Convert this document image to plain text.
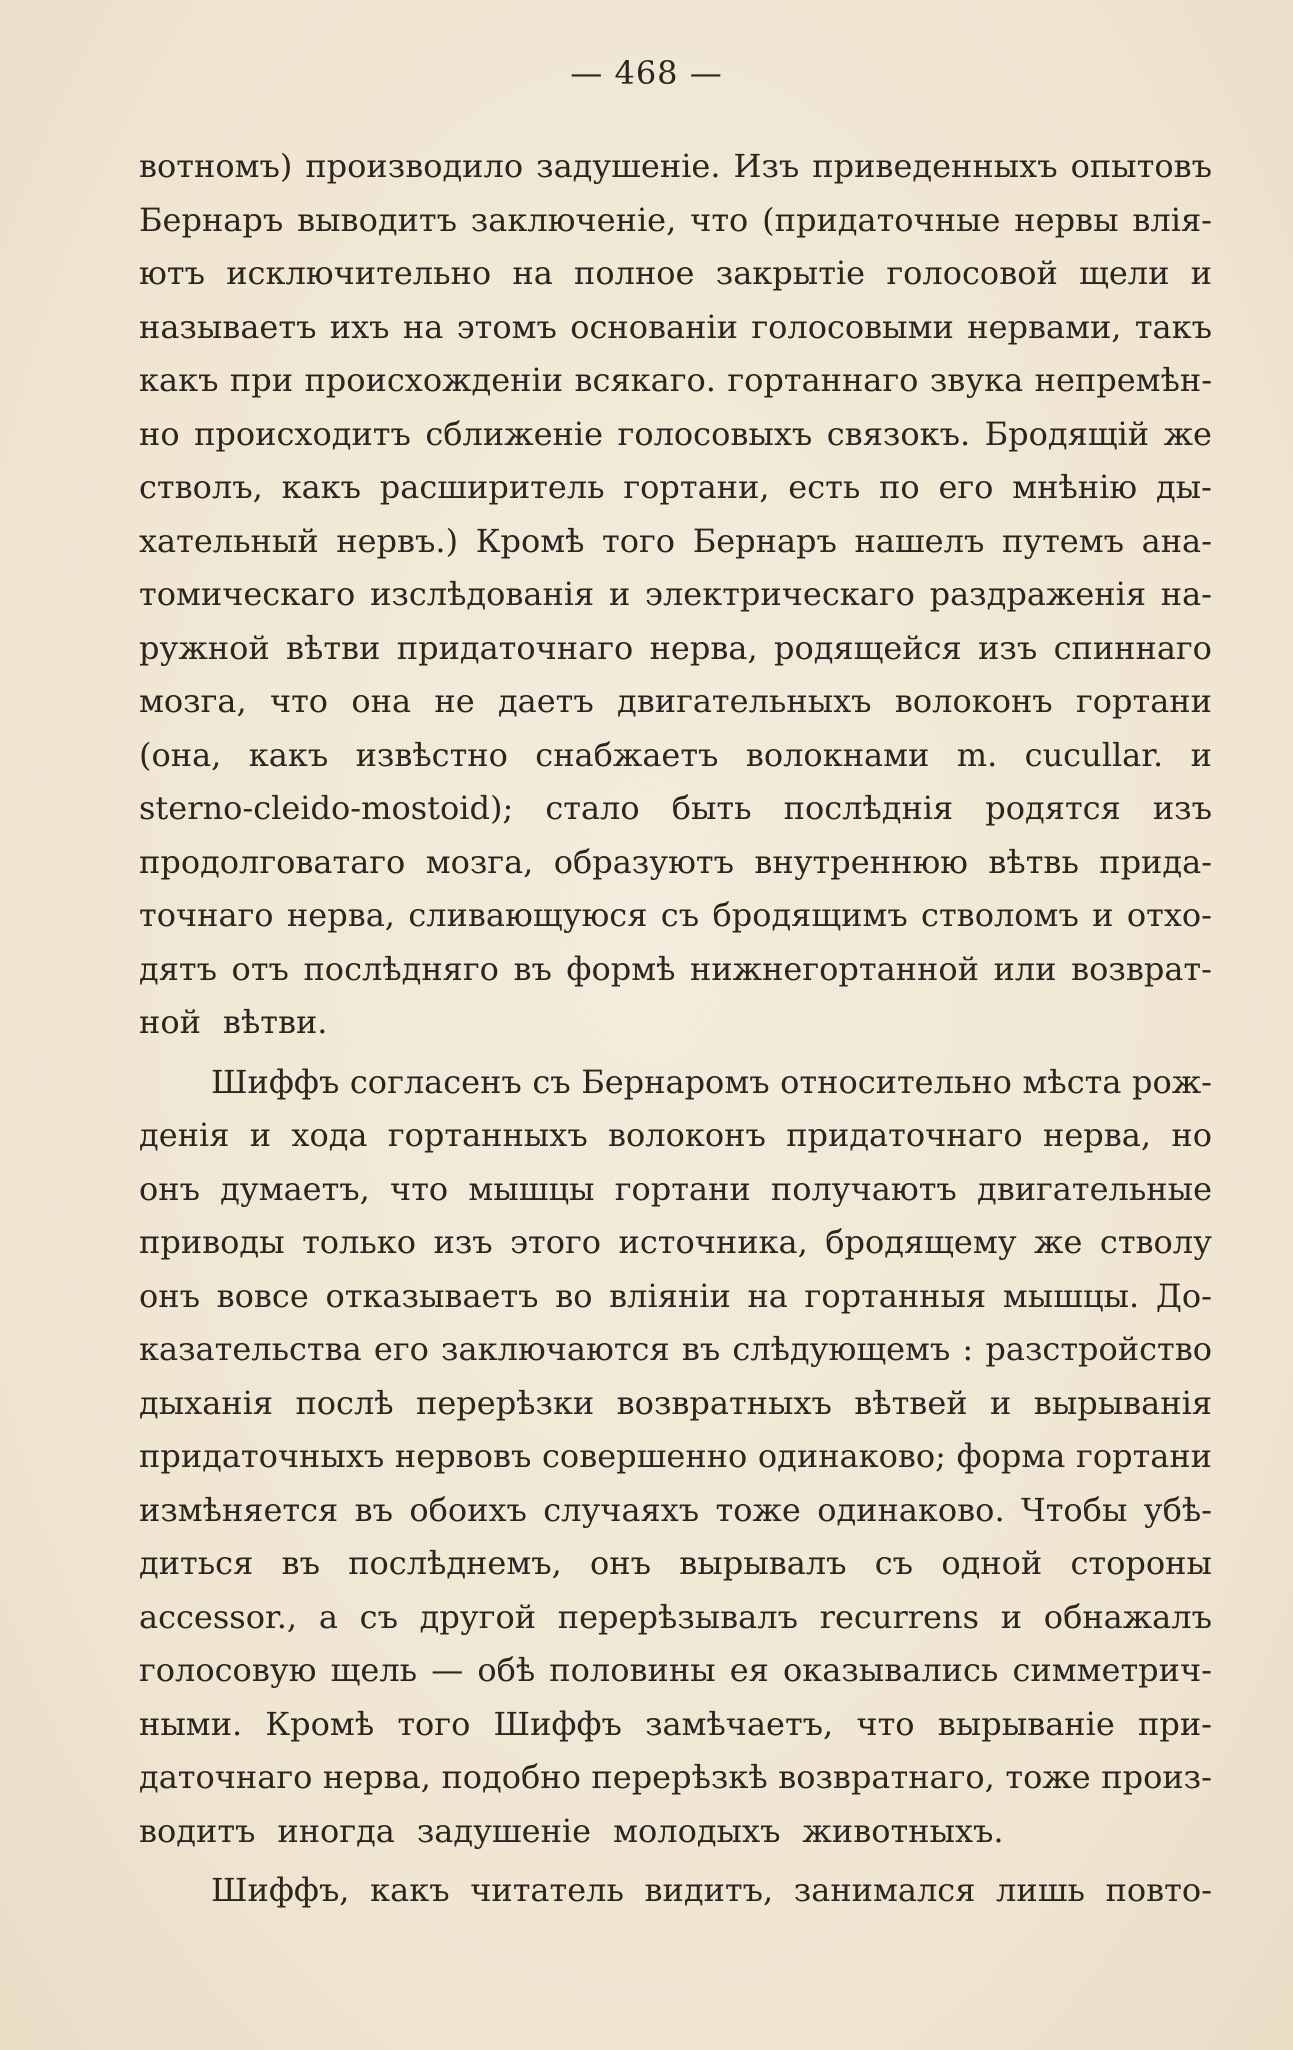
— 468 —
вотномъ) производило задушеніе. Изъ приведенныхъ опытовъ
Бернаръ выводитъ заключеніе, что (придаточные нервы влія-
ютъ исключительно на полное закрытіе голосовой щели и
называетъ ихъ на этомъ основаніи голосовыми нервами, такъ
какъ при происхожденіи всякаго. гортаннаго звука непремѣн-
но происходитъ сближеніе голосовыхъ связокъ. Бродящій же
стволъ, какъ расширитель гортани, есть по его мнѣнію ды-
хательный нервъ.) Кромѣ того Бернаръ нашелъ путемъ ана-
томическаго изслѣдованія и электрическаго раздраженія на-
ружной вѣтви придаточнаго нерва, родящейся изъ спиннаго
мозга, что она не даетъ двигательныхъ волоконъ гортани
(она, какъ извѣстно снабжаетъ волокнами m. cucullar. и
sterno-cleido-mostoid); стало быть послѣднія родятся изъ
продолговатаго мозга, образуютъ внутреннюю вѣтвь прида-
точнаго нерва, сливающуюся съ бродящимъ стволомъ и отхо-
дятъ отъ послѣдняго въ формѣ нижнегортанной или возврат-
ной вѣтви.
Шиффъ согласенъ съ Бернаромъ относительно мѣста рож-
денія и хода гортанныхъ волоконъ придаточнаго нерва, но
онъ думаетъ, что мышцы гортани получаютъ двигательные
приводы только изъ этого источника, бродящему же стволу
онъ вовсе отказываетъ во вліяніи на гортанныя мышцы. До-
казательства его заключаются въ слѣдующемъ : разстройство
дыханія послѣ перерѣзки возвратныхъ вѣтвей и вырыванія
придаточныхъ нервовъ совершенно одинаково; форма гортани
измѣняется въ обоихъ случаяхъ тоже одинаково. Чтобы убѣ-
диться въ послѣднемъ, онъ вырывалъ съ одной стороны
accessor., а съ другой перерѣзывалъ recurrens и обнажалъ
голосовую щель — обѣ половины ея оказывались симметрич-
ными. Кромѣ того Шиффъ замѣчаетъ, что вырываніе при-
даточнаго нерва, подобно перерѣзкѣ возвратнаго, тоже произ-
водитъ иногда задушеніе молодыхъ животныхъ.
Шиффъ, какъ читатель видитъ, занимался лишь повто-
